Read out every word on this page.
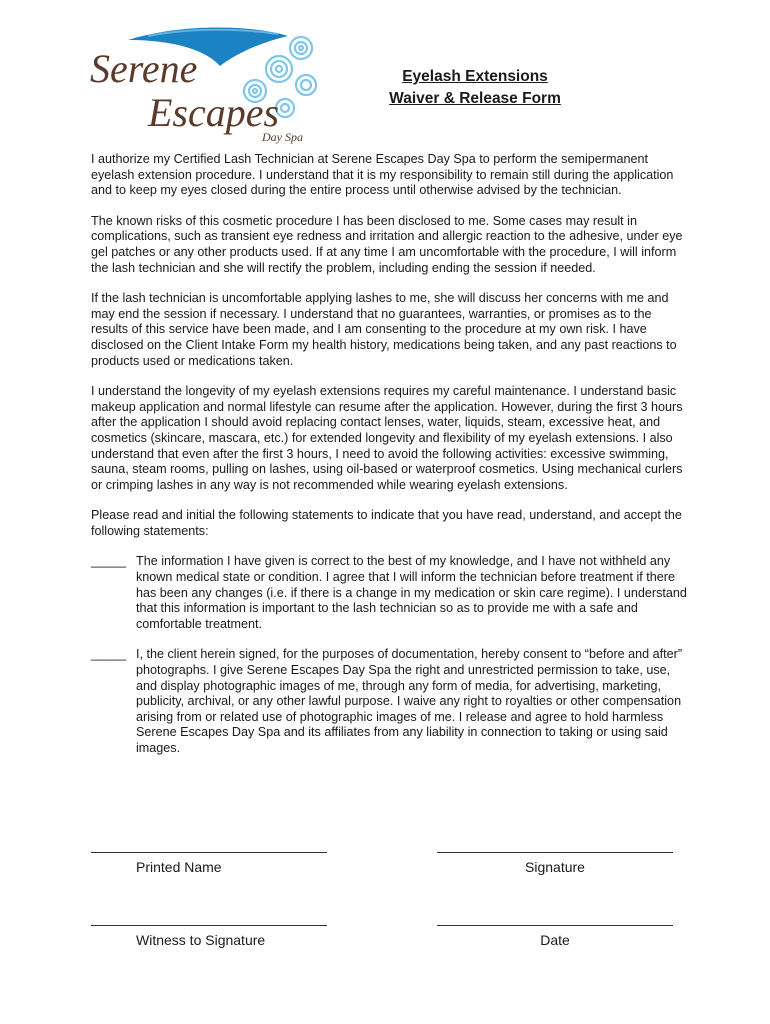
Serene
Escapes
Day Spa
Eyelash Extensions
Waiver & Release Form

I authorize my Certified Lash Technician at Serene Escapes Day Spa to perform the semipermanent eyelash extension procedure. I understand that it is my responsibility to remain still during the application and to keep my eyes closed during the entire process until otherwise advised by the technician.

The known risks of this cosmetic procedure I has been disclosed to me. Some cases may result in complications, such as transient eye redness and irritation and allergic reaction to the adhesive, under eye gel patches or any other products used. If at any time I am uncomfortable with the procedure, I will inform the lash technician and she will rectify the problem, including ending the session if needed.

If the lash technician is uncomfortable applying lashes to me, she will discuss her concerns with me and may end the session if necessary. I understand that no guarantees, warranties, or promises as to the results of this service have been made, and I am consenting to the procedure at my own risk. I have disclosed on the Client Intake Form my health history, medications being taken, and any past reactions to products used or medications taken.

I understand the longevity of my eyelash extensions requires my careful maintenance. I understand basic makeup application and normal lifestyle can resume after the application. However, during the first 3 hours after the application I should avoid replacing contact lenses, water, liquids, steam, excessive heat, and cosmetics (skincare, mascara, etc.) for extended longevity and flexibility of my eyelash extensions. I also understand that even after the first 3 hours, I need to avoid the following activities: excessive swimming, sauna, steam rooms, pulling on lashes, using oil-based or waterproof cosmetics. Using mechanical curlers or crimping lashes in any way is not recommended while wearing eyelash extensions.

Please read and initial the following statements to indicate that you have read, understand, and accept the following statements:

_____ The information I have given is correct to the best of my knowledge, and I have not withheld any known medical state or condition. I agree that I will inform the technician before treatment if there has been any changes (i.e. if there is a change in my medication or skin care regime). I understand that this information is important to the lash technician so as to provide me with a safe and comfortable treatment.
_____ I, the client herein signed, for the purposes of documentation, hereby consent to “before and after” photographs. I give Serene Escapes Day Spa the right and unrestricted permission to take, use, and display photographic images of me, through any form of media, for advertising, marketing, publicity, archival, or any other lawful purpose. I waive any right to royalties or other compensation arising from or related use of photographic images of me. I release and agree to hold harmless Serene Escapes Day Spa and its affiliates from any liability in connection to taking or using said images.
Printed Name	Signature
Witness to Signature	Date
